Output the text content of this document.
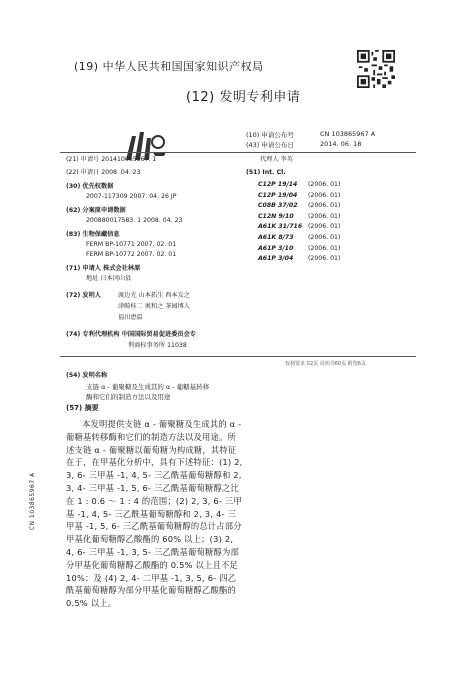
(19) 中华人民共和国国家知识产权局
(12) 发明专利申请
(10) 申请公布号	CN 103865967 A
(43) 申请公布日	2014. 06. 18
(21) 申请号 201410065367. 1
(22) 申请日 2008. 04. 23
(30) 优先权数据
2007-117309 2007. 04. 26 JP
(62) 分案原申请数据
200880017583. 1 2008. 04. 23
(83) 生物保藏信息
FERM BP-10771 2007. 02. 01
FERM BP-10772 2007. 02. 01
(71) 申请人 株式会社林原
地址 日本冈山县
(72) 发明人	渡边光 山本拓生 西本友之
津畸桂二 奥和之 茶园博人
福田恵温
(74) 专利代理机构 中国国际贸易促进委员会专
利商标事务所 11038
代理人 李英
(51) Int. Cl.
C12P 19/14 (2006. 01)
C12P 19/04 (2006. 01)
C08B 37/02 (2006. 01)
C12N 9/10 (2006. 01)
A61K 31/716 (2006. 01)
A61K 8/73 (2006. 01)
A61P 3/10 (2006. 01)
A61P 3/04 (2006. 01)
权利要求书2页 说明书60页 附图6页
(54) 发明名称
支链 α - 葡聚糖及生成其的 α - 葡糖基转移
酶和它们的制造方法以及用途
(57) 摘要
本发明提供支链 α - 葡聚糖及生成其的 α - 葡糖基转移酶和它们的制造方法以及用途。所述支链 α - 葡聚糖以葡萄糖为构成糖，其特征在于，在甲基化分析中，具有下述特征：(1) 2, 3, 6- 三甲基 -1, 4, 5- 三乙酰基葡萄糖醇和 2, 3, 4- 三甲基 -1, 5, 6- 三乙酰基葡萄糖醇之比在 1 : 0.6 ～ 1 : 4 的范围；(2) 2, 3, 6- 三甲基 -1, 4, 5- 三乙酰基葡萄糖醇和 2, 3, 4- 三甲基 -1, 5, 6- 三乙酰基葡萄糖醇的总计占部分甲基化葡萄糖醇乙酸酯的 60% 以上；(3) 2, 4, 6- 三甲基 -1, 3, 5- 三乙酰基葡萄糖醇为部分甲基化葡萄糖醇乙酸酯的 0.5% 以上且不足 10%；及 (4) 2, 4- 二甲基 -1, 3, 5, 6- 四乙酰基葡萄糖醇为部分甲基化葡萄糖醇乙酸酯的 0.5% 以上。
CN 103865967 A
